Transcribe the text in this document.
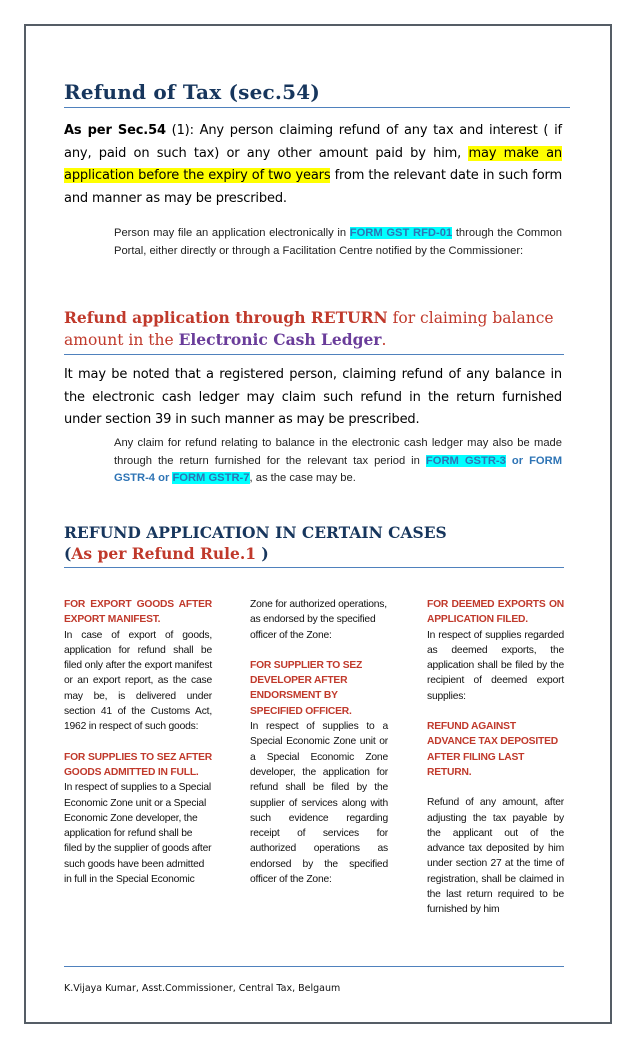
Refund of Tax (sec.54)
As per Sec.54 (1): Any person claiming refund of any tax and interest ( if any, paid on such tax) or any other amount paid by him, may make an application before the expiry of two years from the relevant date in such form and manner as may be prescribed.
Person may file an application electronically in FORM GST RFD-01 through the Common Portal, either directly or through a Facilitation Centre notified by the Commissioner:
Refund application through RETURN for claiming balance amount in the Electronic Cash Ledger.
It may be noted that a registered person, claiming refund of any balance in the electronic cash ledger may claim such refund in the return furnished under section 39 in such manner as may be prescribed.
Any claim for refund relating to balance in the electronic cash ledger may also be made through the return furnished for the relevant tax period in FORM GSTR-3 or FORM GSTR-4 or FORM GSTR-7, as the case may be.
REFUND APPLICATION IN CERTAIN CASES
(As per Refund Rule.1 )
FOR EXPORT GOODS AFTER EXPORT MANIFEST.
In case of export of goods, application for refund shall be filed only after the export manifest or an export report, as the case may be, is delivered under section 41 of the Customs Act, 1962 in respect of such goods:
FOR SUPPLIES TO SEZ AFTER GOODS ADMITTED IN FULL.
In respect of supplies to a Special Economic Zone unit or a Special Economic Zone developer, the application for refund shall be filed by the supplier of goods after such goods have been admitted in full in the Special Economic
Zone for authorized operations, as endorsed by the specified officer of the Zone:
FOR SUPPLIER TO SEZ DEVELOPER AFTER ENDORSMENT BY SPECIFIED OFFICER.
In respect of supplies to a Special Economic Zone unit or a Special Economic Zone developer, the application for refund shall be filed by the supplier of services along with such evidence regarding receipt of services for authorized operations as endorsed by the specified officer of the Zone:
FOR DEEMED EXPORTS ON APPLICATION FILED.
In respect of supplies regarded as deemed exports, the application shall be filed by the recipient of deemed export supplies:
REFUND AGAINST ADVANCE TAX DEPOSITED AFTER FILING LAST RETURN.
Refund of any amount, after adjusting the tax payable by the applicant out of the advance tax deposited by him under section 27 at the time of registration, shall be claimed in the last return required to be furnished by him
K.Vijaya Kumar, Asst.Commissioner, Central Tax, Belgaum
